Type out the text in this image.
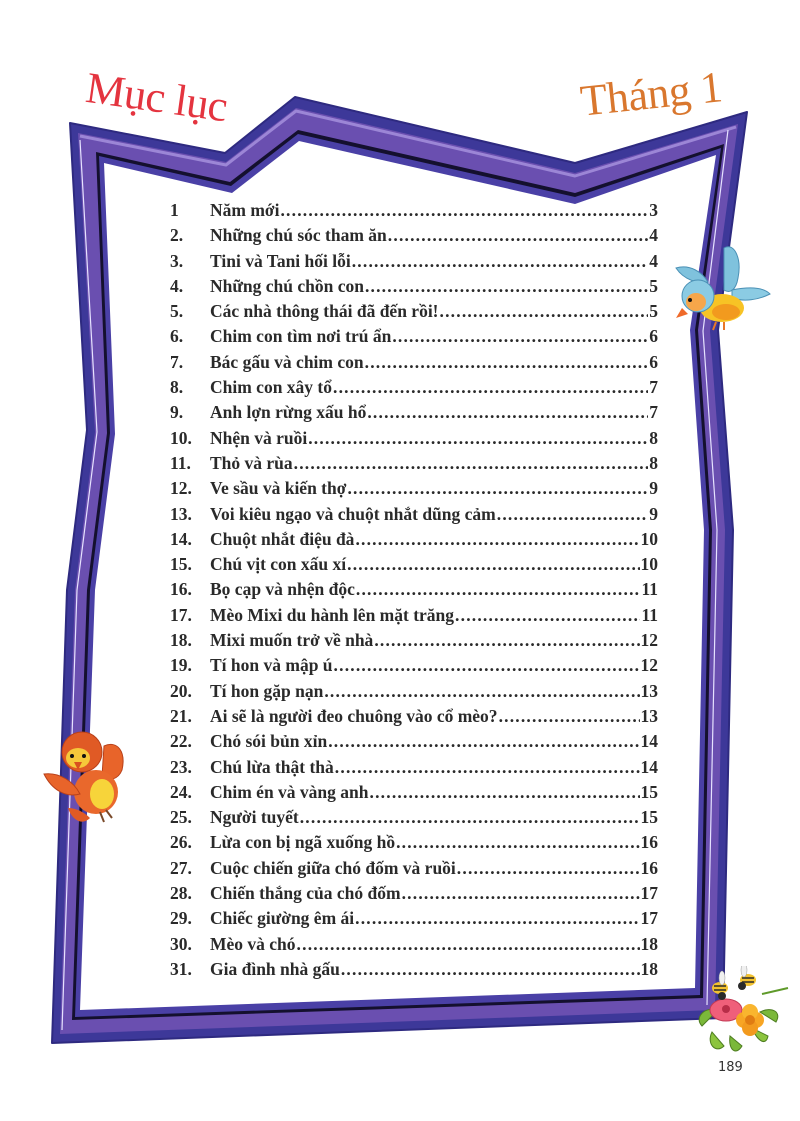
Mục lục	Tháng 1
1	Năm mới .....	3
2.	Những chú sóc tham ăn .....	4
3.	Tini và Tani hối lỗi .....	4
4.	Những chú chồn con .....	5
5.	Các nhà thông thái đã đến rồi! .....	5
6.	Chim con tìm nơi trú ẩn .....	6
7.	Bác gấu và chim con .....	6
8.	Chim con xây tổ .....	7
9.	Anh lợn rừng xấu hổ .....	7
10.	Nhện và ruồi .....	8
11.	Thỏ và rùa .....	8
12.	Ve sầu và kiến thợ .....	9
13.	Voi kiêu ngạo và chuột nhắt dũng cảm .....	9
14.	Chuột nhắt điệu đà .....	10
15.	Chú vịt con xấu xí .....	10
16.	Bọ cạp và nhện độc .....	11
17.	Mèo Mixi du hành lên mặt trăng .....	11
18.	Mixi muốn trở về nhà .....	12
19.	Tí hon và mập ú .....	12
20.	Tí hon gặp nạn .....	13
21.	Ai sẽ là người đeo chuông vào cổ mèo? .....	13
22.	Chó sói bủn xỉn .....	14
23.	Chú lừa thật thà .....	14
24.	Chim én và vàng anh .....	15
25.	Người tuyết .....	15
26.	Lừa con bị ngã xuống hồ .....	16
27.	Cuộc chiến giữa chó đốm và ruồi .....	16
28.	Chiến thắng của chó đốm .....	17
29.	Chiếc giường êm ái .....	17
30.	Mèo và chó .....	18
31.	Gia đình nhà gấu .....	18
189
